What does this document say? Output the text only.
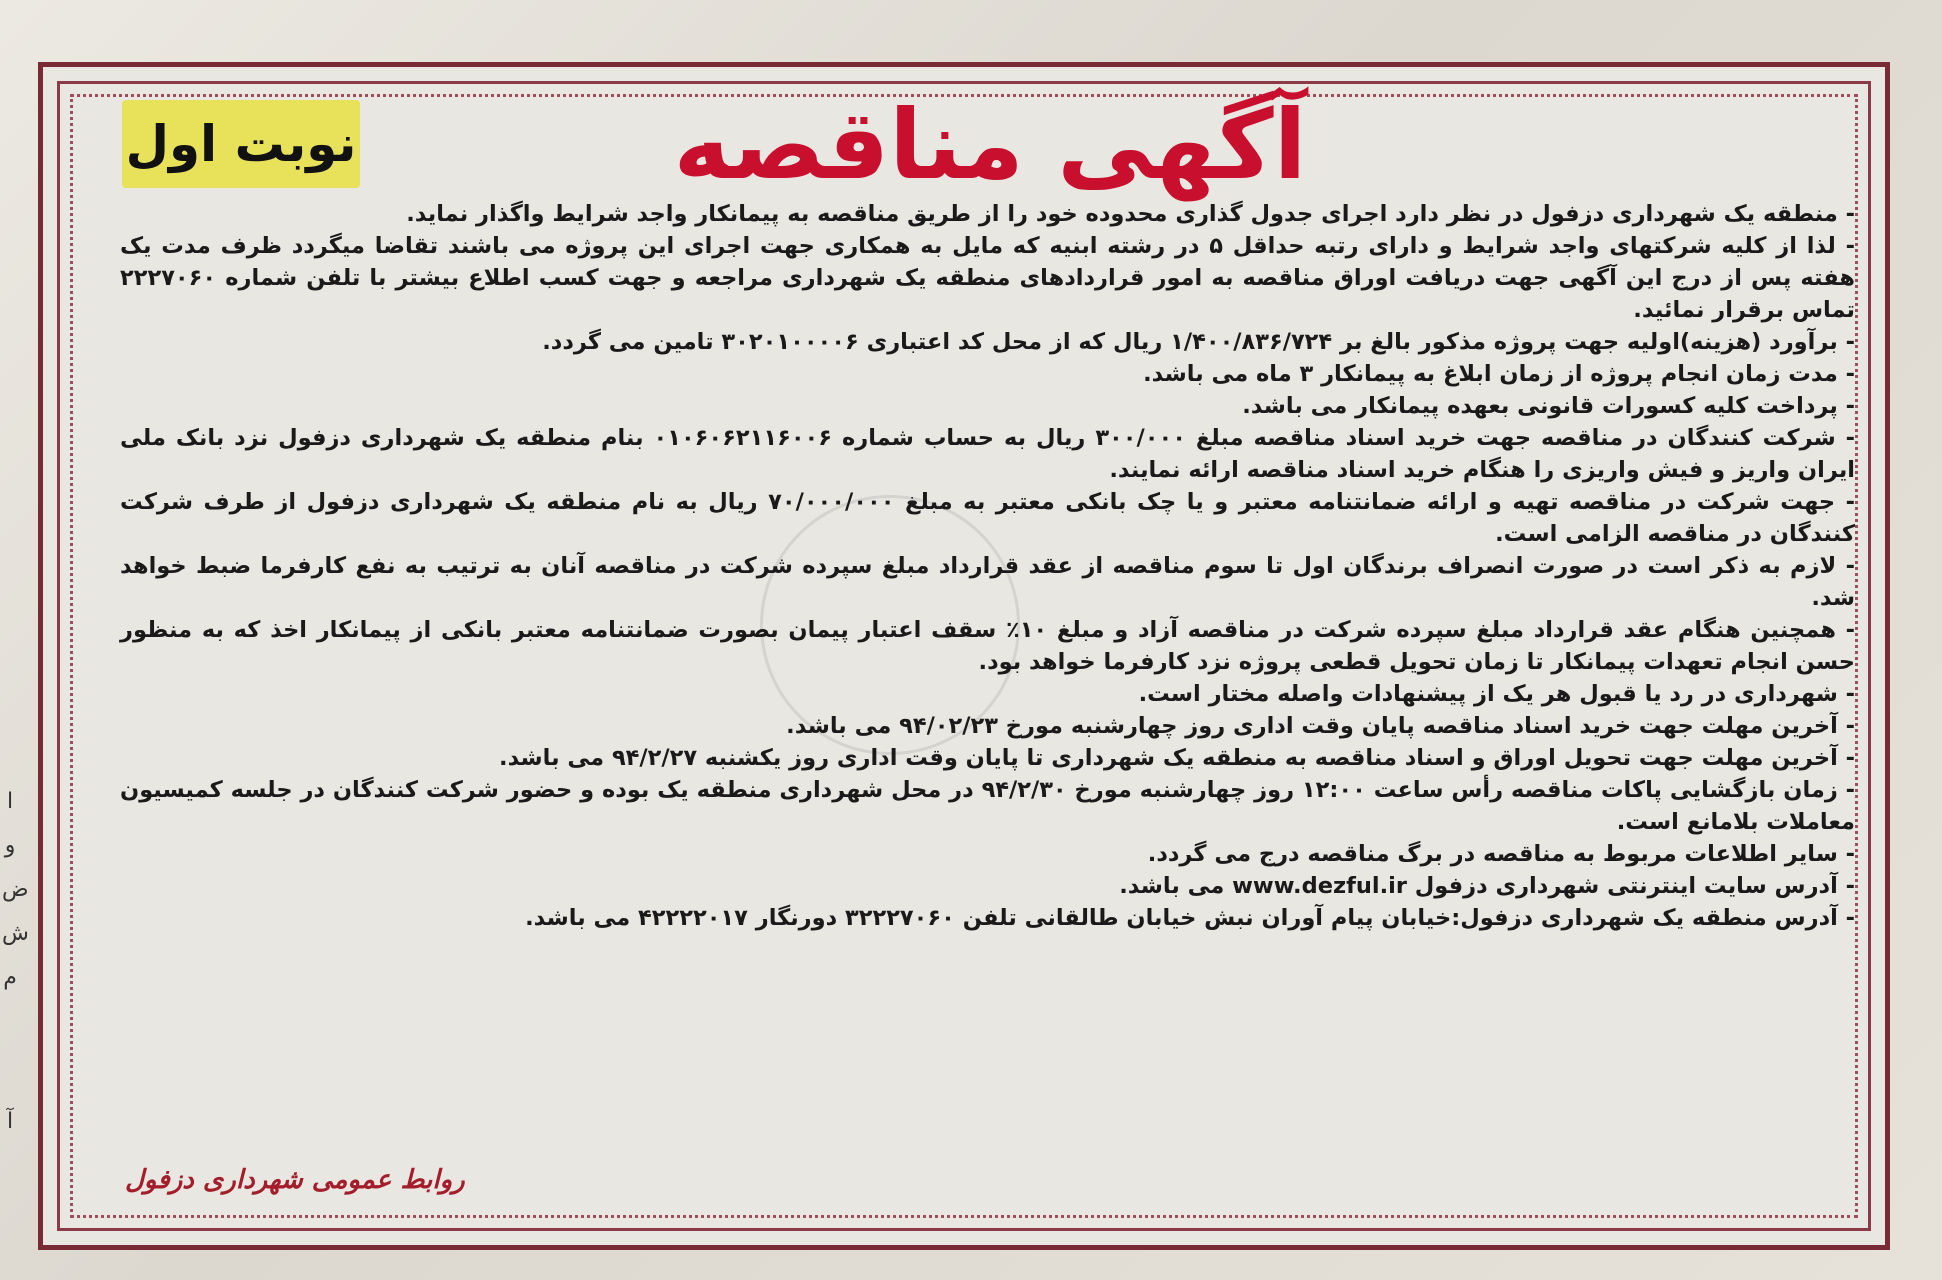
ا
و
ض
ش
م
آ
نوبت اول	آگهی مناقصه

- منطقه یک شهرداری دزفول در نظر دارد اجرای جدول گذاری محدوده خود را از طریق مناقصه به پیمانکار واجد شرایط واگذار نماید.

- لذا از کلیه شرکتهای واجد شرایط و دارای رتبه حداقل ۵ در رشته ابنیه که مایل به همکاری جهت اجرای این پروژه می باشند تقاضا میگردد ظرف مدت یک هفته پس از درج این آگهی جهت دریافت اوراق مناقصه به امور قراردادهای منطقه یک شهرداری مراجعه و جهت کسب اطلاع بیشتر با تلفن شماره ۲۲۲۷۰۶۰ تماس برقرار نمائید.

- برآورد (هزینه)اولیه جهت پروژه مذکور بالغ بر ۱/۴۰۰/۸۳۶/۷۲۴ ریال که از محل کد اعتباری ۳۰۲۰۱۰۰۰۰۶ تامین می گردد.

- مدت زمان انجام پروژه از زمان ابلاغ به پیمانکار ۳ ماه می باشد.

- پرداخت کلیه کسورات قانونی بعهده پیمانکار می باشد.

- شرکت کنندگان در مناقصه جهت خرید اسناد مناقصه مبلغ ۳۰۰/۰۰۰ ریال به حساب شماره ۰۱۰۶۰۶۲۱۱۶۰۰۶ بنام منطقه یک شهرداری دزفول نزد بانک ملی ایران واریز و فیش واریزی را هنگام خرید اسناد مناقصه ارائه نمایند.

- جهت شرکت در مناقصه تهیه و ارائه ضمانتنامه معتبر و یا چک بانکی معتبر به مبلغ ۷۰/۰۰۰/۰۰۰ ریال به نام منطقه یک شهرداری دزفول از طرف شرکت کنندگان در مناقصه الزامی است.

- لازم به ذکر است در صورت انصراف برندگان اول تا سوم مناقصه از عقد قرارداد مبلغ سپرده شرکت در مناقصه آنان به ترتیب به نفع کارفرما ضبط خواهد شد.

- همچنین هنگام عقد قرارداد مبلغ سپرده شرکت در مناقصه آزاد و مبلغ ۱۰٪ سقف اعتبار پیمان بصورت ضمانتنامه معتبر بانکی از پیمانکار اخذ که به منظور حسن انجام تعهدات پیمانکار تا زمان تحویل قطعی پروژه نزد کارفرما خواهد بود.

- شهرداری در رد یا قبول هر یک از پیشنهادات واصله مختار است.

- آخرین مهلت جهت خرید اسناد مناقصه پایان وقت اداری روز چهارشنبه مورخ ۹۴/۰۲/۲۳ می باشد.

- آخرین مهلت جهت تحویل اوراق و اسناد مناقصه به منطقه یک شهرداری تا پایان وقت اداری روز یکشنبه ۹۴/۲/۲۷ می باشد.

- زمان بازگشایی پاکات مناقصه رأس ساعت ۱۲:۰۰ روز چهارشنبه مورخ ۹۴/۲/۳۰ در محل شهرداری منطقه یک بوده و حضور شرکت کنندگان در جلسه کمیسیون معاملات بلامانع است.

- سایر اطلاعات مربوط به مناقصه در برگ مناقصه درج می گردد.

- آدرس سایت اینترنتی شهرداری دزفول www.dezful.ir می باشد.

- آدرس منطقه یک شهرداری دزفول:خیابان پیام آوران نبش خیابان طالقانی تلفن ۳۲۲۲۷۰۶۰ دورنگار ۴۲۲۲۲۰۱۷ می باشد.

روابط عمومی شهرداری دزفول
